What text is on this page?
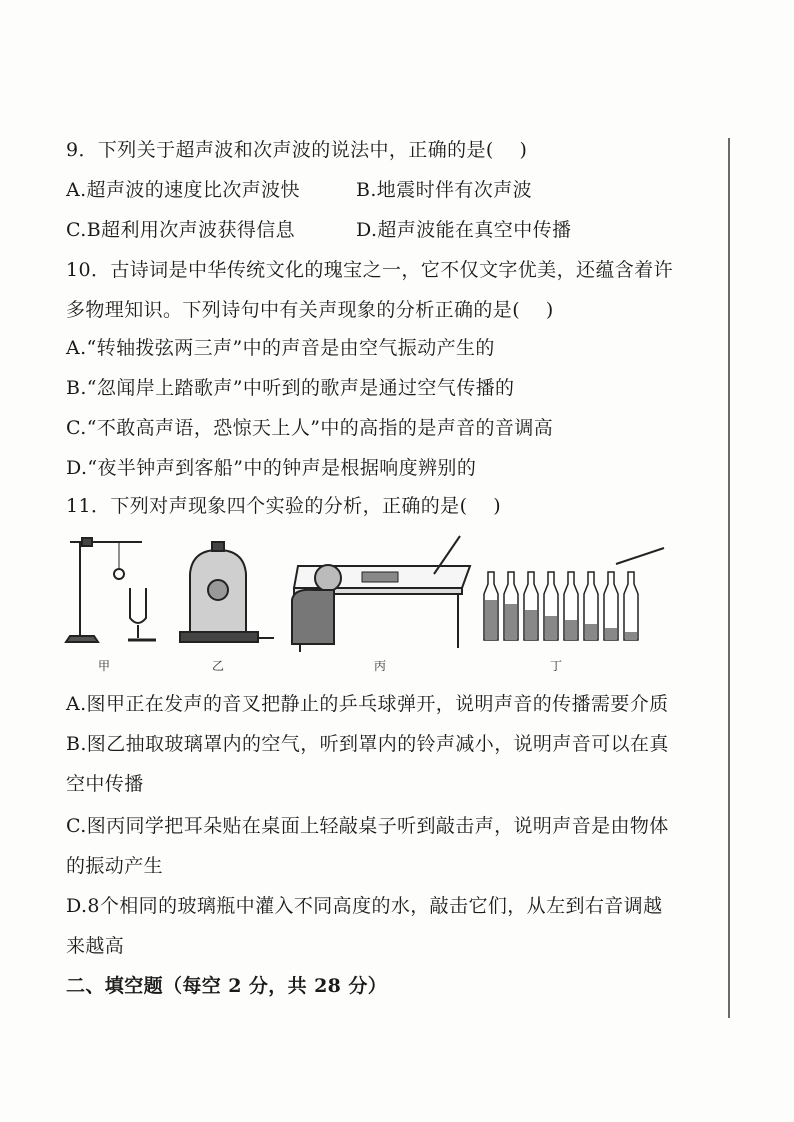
9．下列关于超声波和次声波的说法中，正确的是(　 )
A.超声波的速度比次声波快	B.地震时伴有次声波
C.B超利用次声波获得信息	D.超声波能在真空中传播
10．古诗词是中华传统文化的瑰宝之一，它不仅文字优美，还蕴含着许
多物理知识。下列诗句中有关声现象的分析正确的是(　 )
A.“转轴拨弦两三声”中的声音是由空气振动产生的
B.“忽闻岸上踏歌声”中听到的歌声是通过空气传播的
C.“不敢高声语，恐惊天上人”中的高指的是声音的音调高
D.“夜半钟声到客船”中的钟声是根据响度辨别的
11．下列对声现象四个实验的分析，正确的是(　 )
甲	乙	丙	丁
A.图甲正在发声的音叉把静止的乒乓球弹开，说明声音的传播需要介质
B.图乙抽取玻璃罩内的空气，听到罩内的铃声减小，说明声音可以在真
空中传播
C.图丙同学把耳朵贴在桌面上轻敲桌子听到敲击声，说明声音是由物体
的振动产生
D.8个相同的玻璃瓶中灌入不同高度的水，敲击它们，从左到右音调越
来越高
二、填空题（每空 2 分，共 28 分）
